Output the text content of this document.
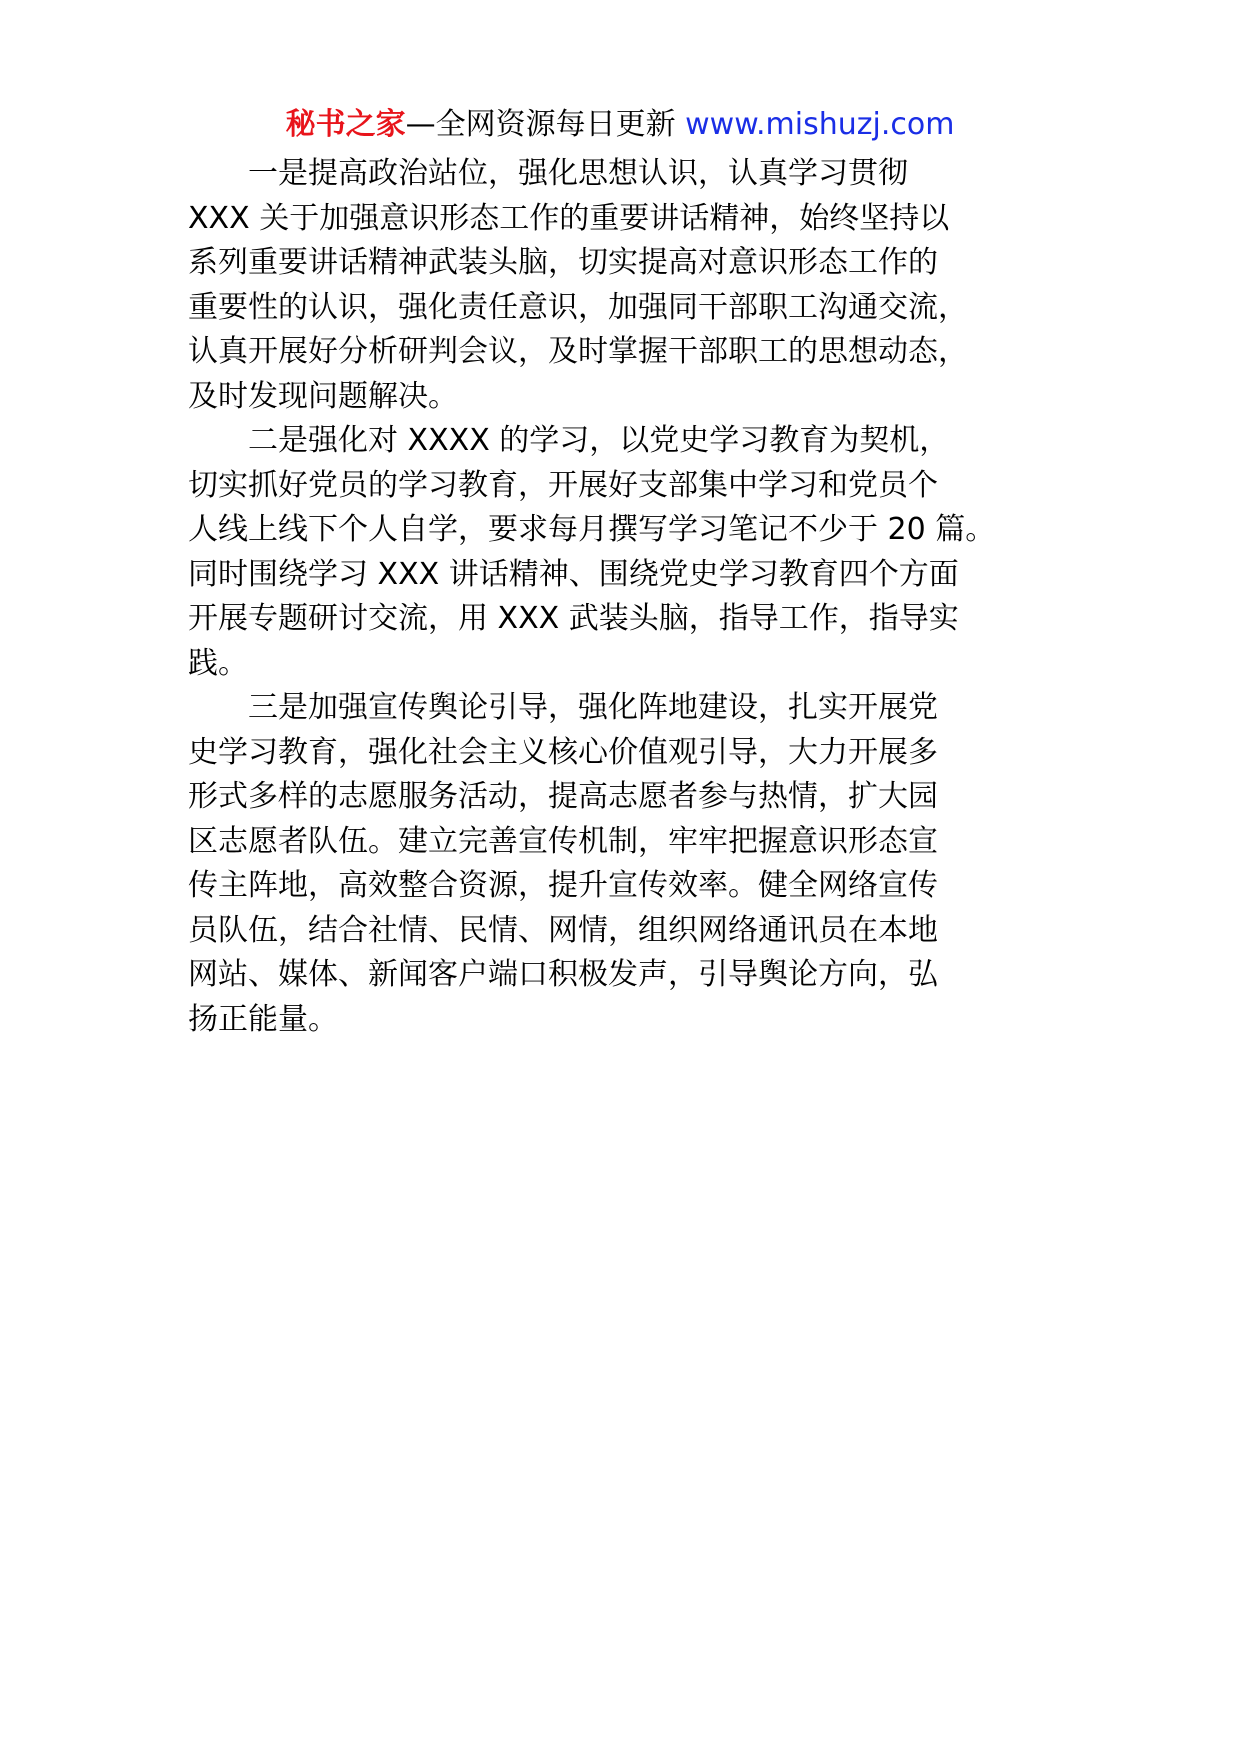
秘书之家—全网资源每日更新 www.mishuzj.com
一是提高政治站位，强化思想认识，认真学习贯彻
XXX 关于加强意识形态工作的重要讲话精神，始终坚持以
系列重要讲话精神武装头脑，切实提高对意识形态工作的
重要性的认识，强化责任意识，加强同干部职工沟通交流，
认真开展好分析研判会议，及时掌握干部职工的思想动态，
及时发现问题解决。
二是强化对 XXXX 的学习，以党史学习教育为契机，
切实抓好党员的学习教育，开展好支部集中学习和党员个
人线上线下个人自学，要求每月撰写学习笔记不少于 20 篇。
同时围绕学习 XXX 讲话精神、围绕党史学习教育四个方面
开展专题研讨交流，用 XXX 武装头脑，指导工作，指导实
践。
三是加强宣传舆论引导，强化阵地建设，扎实开展党
史学习教育，强化社会主义核心价值观引导，大力开展多
形式多样的志愿服务活动，提高志愿者参与热情，扩大园
区志愿者队伍。建立完善宣传机制，牢牢把握意识形态宣
传主阵地，高效整合资源，提升宣传效率。健全网络宣传
员队伍，结合社情、民情、网情，组织网络通讯员在本地
网站、媒体、新闻客户端口积极发声，引导舆论方向，弘
扬正能量。
